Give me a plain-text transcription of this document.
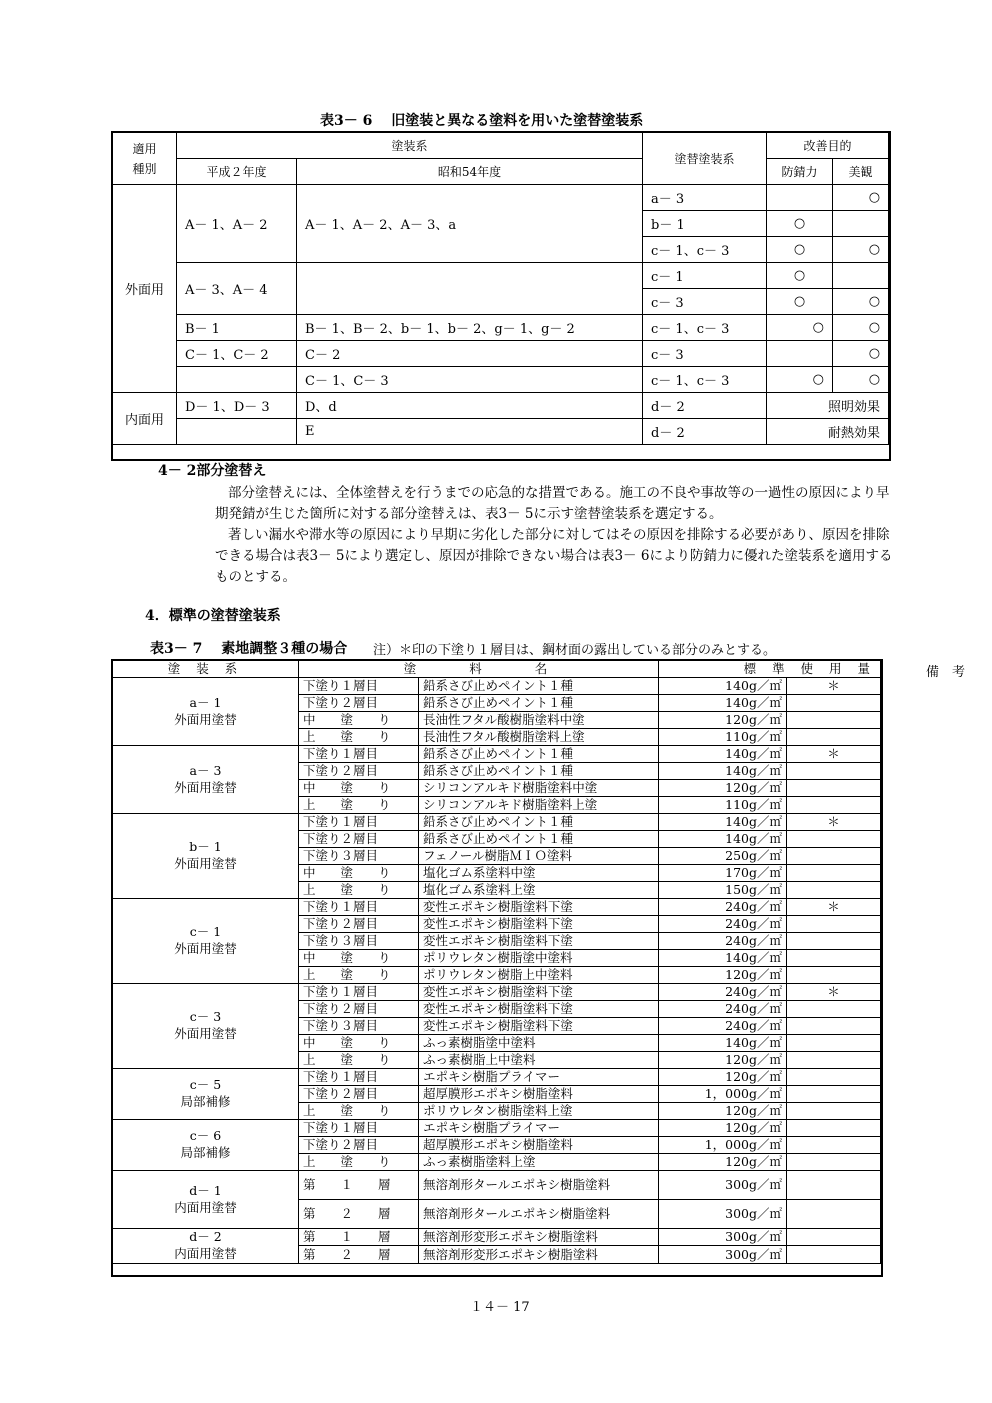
表3－ 6　 旧塗装と異なる塗料を用いた塗替塗装系
適用
種別	塗装系		塗替塗装系	改善目的	
	平成２年度	昭和54年度		防錆力	美観
外面用	A－ 1、A－ 2	A－ 1、A－ 2、A－ 3、a	a－ 3		○
			b－ 1	○	
			c－ 1、c－ 3	○	○
	A－ 3、A－ 4		c－ 1	○	
			c－ 3	○	○
	B－ 1	B－ 1、B－ 2、b－ 1、b－ 2、g－ 1、g－ 2	c－ 1、c－ 3	○	○
	C－ 1、C－ 2	C－ 2	c－ 3		○
		C－ 1、C－ 3	c－ 1、c－ 3	○	○
内面用	D－ 1、D－ 3	D、d	d－ 2	照明効果	
		E	d－ 2	耐熱効果	
4－ 2部分塗替え
部分塗替えには、全体塗替えを行うまでの応急的な措置である。施工の不良や事故等の一過性の原因により早期発錆が生じた箇所に対する部分塗替えは、表3－ 5に示す塗替塗装系を選定する。
著しい漏水や滞水等の原因により早期に劣化した部分に対してはその原因を排除する必要があり、原因を排除できる場合は表3－ 5により選定し、原因が排除できない場合は表3－ 6により防錆力に優れた塗装系を適用するものとする。
4．標準の塗替塗装系
表3－ 7　 素地調整３種の場合 注）＊印の下塗り１層目は、鋼材面の露出している部分のみとする。
塗 装 系	塗　　 料　　 名		標 準 使 用 量	

a－ 1
外面用塗替	下塗り１層目	鉛系さび止めペイント１種	140g／㎡	＊
	下塗り２層目	鉛系さび止めペイント１種	140g／㎡	
	中　　塗　　り	長油性フタル酸樹脂塗料中塗	120g／㎡	
	上　　塗　　り	長油性フタル酸樹脂塗料上塗	110g／㎡	

a－ 3
外面用塗替	下塗り１層目	鉛系さび止めペイント１種	140g／㎡	＊
	下塗り２層目	鉛系さび止めペイント１種	140g／㎡	
	中　　塗　　り	シリコンアルキド樹脂塗料中塗	120g／㎡	
	上　　塗　　り	シリコンアルキド樹脂塗料上塗	110g／㎡	

b－ 1
外面用塗替	下塗り１層目	鉛系さび止めペイント１種	140g／㎡	＊
	下塗り２層目	鉛系さび止めペイント１種	140g／㎡	
	下塗り３層目	フェノール樹脂ＭＩＯ塗料	250g／㎡	
	中　　塗　　り	塩化ゴム系塗料中塗	170g／㎡	
	上　　塗　　り	塩化ゴム系塗料上塗	150g／㎡	

c－ 1
外面用塗替	下塗り１層目	変性エポキシ樹脂塗料下塗	240g／㎡	＊
	下塗り２層目	変性エポキシ樹脂塗料下塗	240g／㎡	
	下塗り３層目	変性エポキシ樹脂塗料下塗	240g／㎡	
	中　　塗　　り	ポリウレタン樹脂塗中塗料	140g／㎡	
	上　　塗　　り	ポリウレタン樹脂上中塗料	120g／㎡	

c－ 3
外面用塗替	下塗り１層目	変性エポキシ樹脂塗料下塗	240g／㎡	＊
	下塗り２層目	変性エポキシ樹脂塗料下塗	240g／㎡	
	下塗り３層目	変性エポキシ樹脂塗料下塗	240g／㎡	
	中　　塗　　り	ふっ素樹脂塗中塗料	140g／㎡	
	上　　塗　　り	ふっ素樹脂上中塗料	120g／㎡	

c－ 5
局部補修	下塗り１層目	エポキシ樹脂プライマー	120g／㎡	
	下塗り２層目	超厚膜形エポキシ樹脂塗料	1，000g／㎡	
	上　　塗　　り	ポリウレタン樹脂塗料上塗	120g／㎡	

c－ 6
局部補修	下塗り１層目	エポキシ樹脂プライマー	120g／㎡	
	下塗り２層目	超厚膜形エポキシ樹脂塗料	1，000g／㎡	
	上　　塗　　り	ふっ素樹脂塗料上塗	120g／㎡	

d－ 1
内面用塗替	第　　１　　層	無溶剤形タールエポキシ樹脂塗料	300g／㎡	
	第　　２　　層	無溶剤形タールエポキシ樹脂塗料	300g／㎡	

d－ 2
内面用塗替	第　　１　　層	無溶剤形変形エポキシ樹脂塗料	300g／㎡	
	第　　２　　層	無溶剤形変形エポキシ樹脂塗料	300g／㎡	
備　考
１４－ 17
